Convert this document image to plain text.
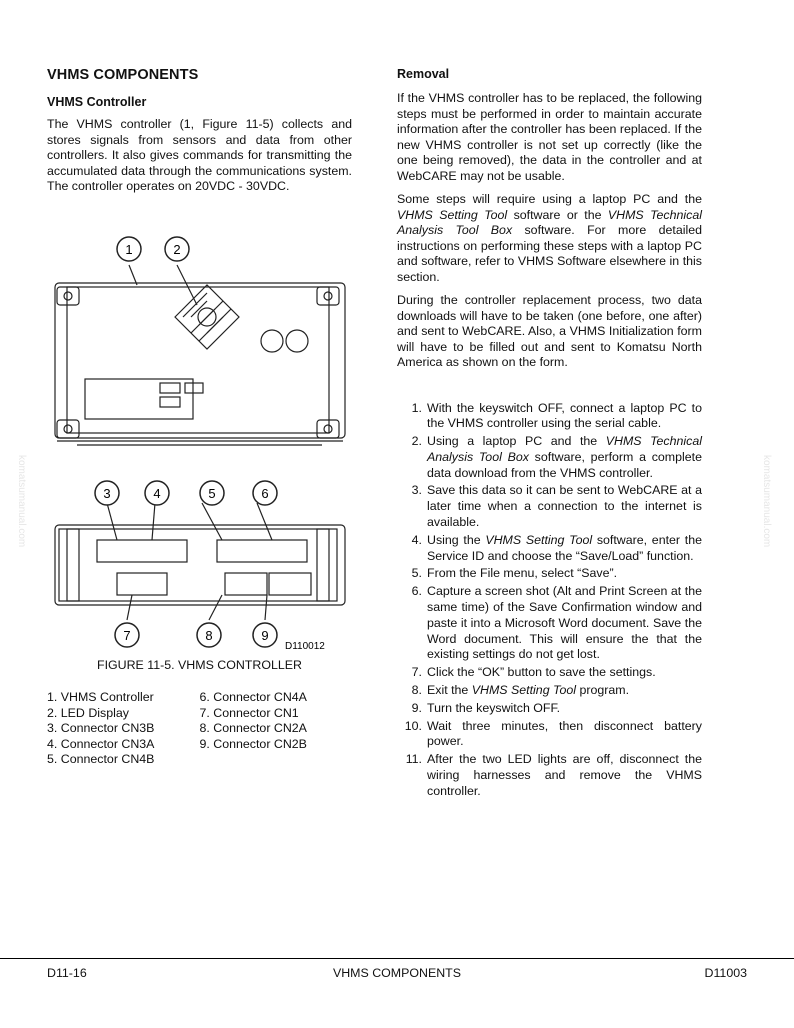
komatsumanual.com	komatsumanual.com
VHMS COMPONENTS
VHMS Controller

The VHMS controller (1, Figure 11-5) collects and stores signals from sensors and data from other controllers. It also gives commands for transmitting the accumulated data through the communications system. The controller operates on 20VDC - 30VDC.

1	2
3	4	5	6
7	8	9
D110012
FIGURE 11-5. VHMS CONTROLLER
1. VHMS Controller
2. LED Display
3. Connector CN3B
4. Connector CN3A
5. Connector CN4B
6. Connector CN4A
7. Connector CN1
8. Connector CN2A
9. Connector CN2B
Removal

If the VHMS controller has to be replaced, the following steps must be performed in order to maintain accurate information after the controller has been replaced. If the new VHMS controller is not set up correctly (like the one being removed), the data in the controller and at WebCARE may not be usable.

Some steps will require using a laptop PC and the VHMS Setting Tool software or the VHMS Technical Analysis Tool Box software. For more detailed instructions on performing these steps with a laptop PC and software, refer to VHMS Software elsewhere in this section.

During the controller replacement process, two data downloads will have to be taken (one before, one after) and sent to WebCARE. Also, a VHMS Initialization form will have to be filled out and sent to Komatsu North America as shown on the form.

1. With the keyswitch OFF, connect a laptop PC to the VHMS controller using the serial cable.
2. Using a laptop PC and the VHMS Technical Analysis Tool Box software, perform a complete data download from the VHMS controller.
3. Save this data so it can be sent to WebCARE at a later time when a connection to the internet is available.
4. Using the VHMS Setting Tool software, enter the Service ID and choose the “Save/Load” function.
5. From the File menu, select “Save”.
6. Capture a screen shot (Alt and Print Screen at the same time) of the Save Confirmation window and paste it into a Microsoft Word document. Save the Word document. This will ensure the that the existing settings do not get lost.
7. Click the “OK” button to save the settings.
8. Exit the VHMS Setting Tool program.
9. Turn the keyswitch OFF.
10. Wait three minutes, then disconnect battery power.
11. After the two LED lights are off, disconnect the wiring harnesses and remove the VHMS controller.
D11-16	VHMS COMPONENTS	D11003
